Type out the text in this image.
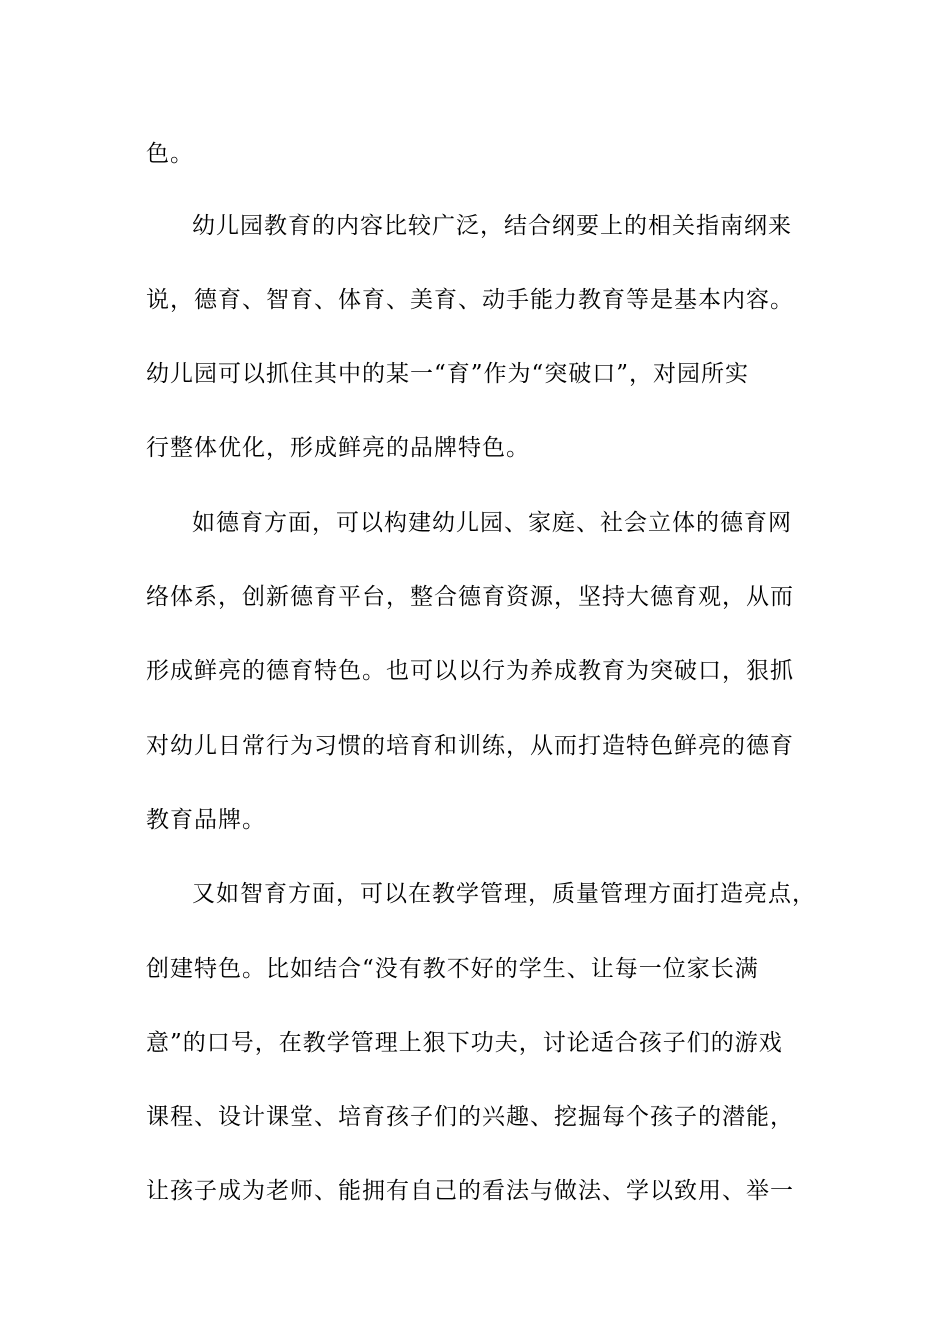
色。
幼儿园教育的内容比较广泛，结合纲要上的相关指南纲来
说，德育、智育、体育、美育、动手能力教育等是基本内容。
幼儿园可以抓住其中的某一“育”作为“突破口”，对园所实
行整体优化，形成鲜亮的品牌特色。
如德育方面，可以构建幼儿园、家庭、社会立体的德育网
络体系，创新德育平台，整合德育资源，坚持大德育观，从而
形成鲜亮的德育特色。也可以以行为养成教育为突破口，狠抓
对幼儿日常行为习惯的培育和训练，从而打造特色鲜亮的德育
教育品牌。
又如智育方面，可以在教学管理，质量管理方面打造亮点，
创建特色。比如结合“没有教不好的学生、让每一位家长满
意”的口号，在教学管理上狠下功夫，讨论适合孩子们的游戏
课程、设计课堂、培育孩子们的兴趣、挖掘每个孩子的潜能，
让孩子成为老师、能拥有自己的看法与做法、学以致用、举一
